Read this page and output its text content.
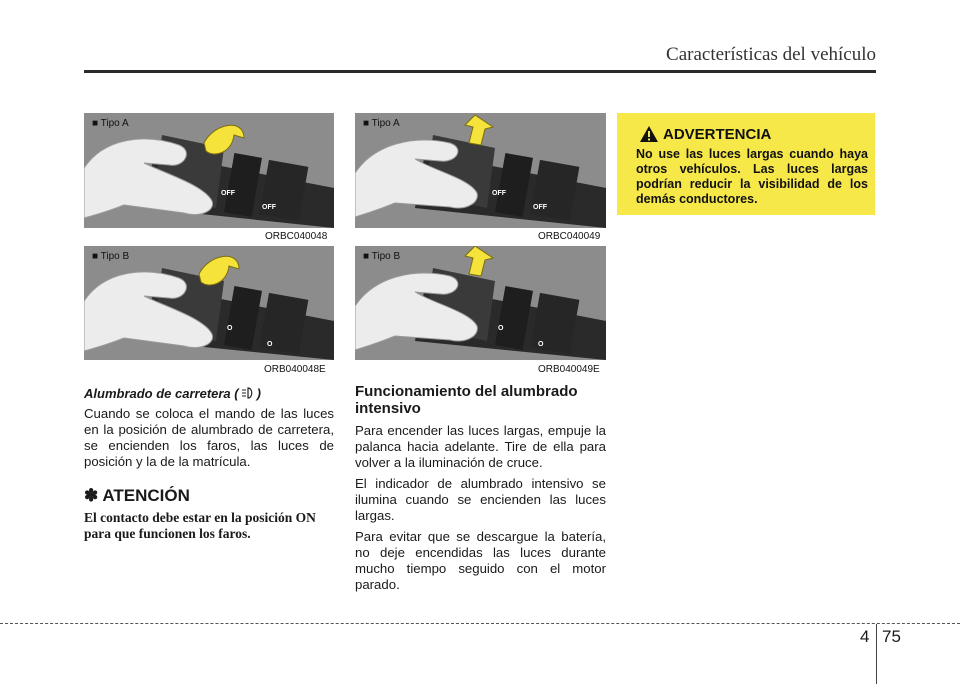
Características del vehículo
OFF
OFF
■ Tipo A
ORBC040048
O
O
■ Tipo B
ORB040048E
OFF
OFF
■ Tipo A
ORBC040049
O
O
■ Tipo B
ORB040049E
Alumbrado de carretera ( )

Cuando se coloca el mando de las luces en la posición de alumbrado de carretera, se encienden los faros, las luces de posición y la de la matrícula.

✽ ATENCIÓN
El contacto debe estar en la posición ON para que funcionen los faros.
Funcionamiento del alumbrado intensivo

Para encender las luces largas, empuje la palanca hacia adelante. Tire de ella para volver a la iluminación de cruce.

El indicador de alumbrado intensivo se ilumina cuando se encienden las luces largas.

Para evitar que se descargue la batería, no deje encendidas las luces durante mucho tiempo seguido con el motor parado.

ADVERTENCIA
No use las luces largas cuando haya otros vehículos. Las luces largas podrían reducir la visibilidad de los demás conductores.
4 75
